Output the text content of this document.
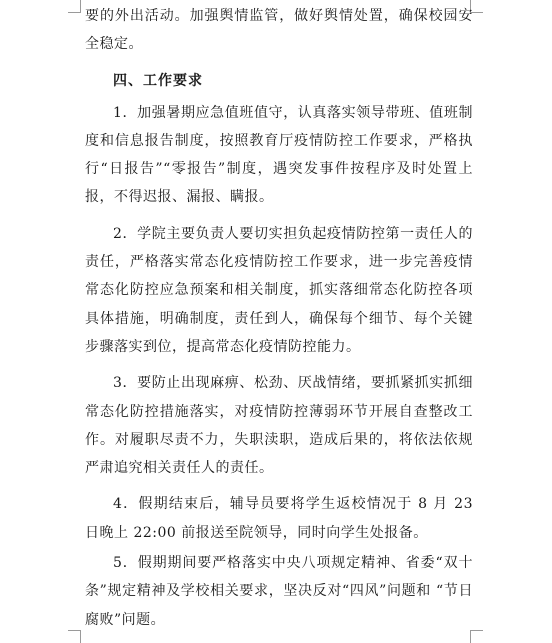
要的外出活动。加强舆情监管，做好舆情处置，确保校园安全稳定。

四、工作要求

1．加强暑期应急值班值守，认真落实领导带班、值班制度和信息报告制度，按照教育厅疫情防控工作要求，严格执行“日报告”“零报告”制度，遇突发事件按程序及时处置上报，不得迟报、漏报、瞒报。

2．学院主要负责人要切实担负起疫情防控第一责任人的责任，严格落实常态化疫情防控工作要求，进一步完善疫情常态化防控应急预案和相关制度，抓实落细常态化防控各项具体措施，明确制度，责任到人，确保每个细节、每个关键步骤落实到位，提高常态化疫情防控能力。

3．要防止出现麻痹、松劲、厌战情绪，要抓紧抓实抓细常态化防控措施落实，对疫情防控薄弱环节开展自查整改工作。对履职尽责不力，失职渎职，造成后果的，将依法依规严肃追究相关责任人的责任。

4．假期结束后，辅导员要将学生返校情况于 8 月 23 日晚上 22:00 前报送至院领导，同时向学生处报备。

5．假期期间要严格落实中央八项规定精神、省委“双十条”规定精神及学校相关要求，坚决反对“四风”问题和 “节日腐败”问题。
